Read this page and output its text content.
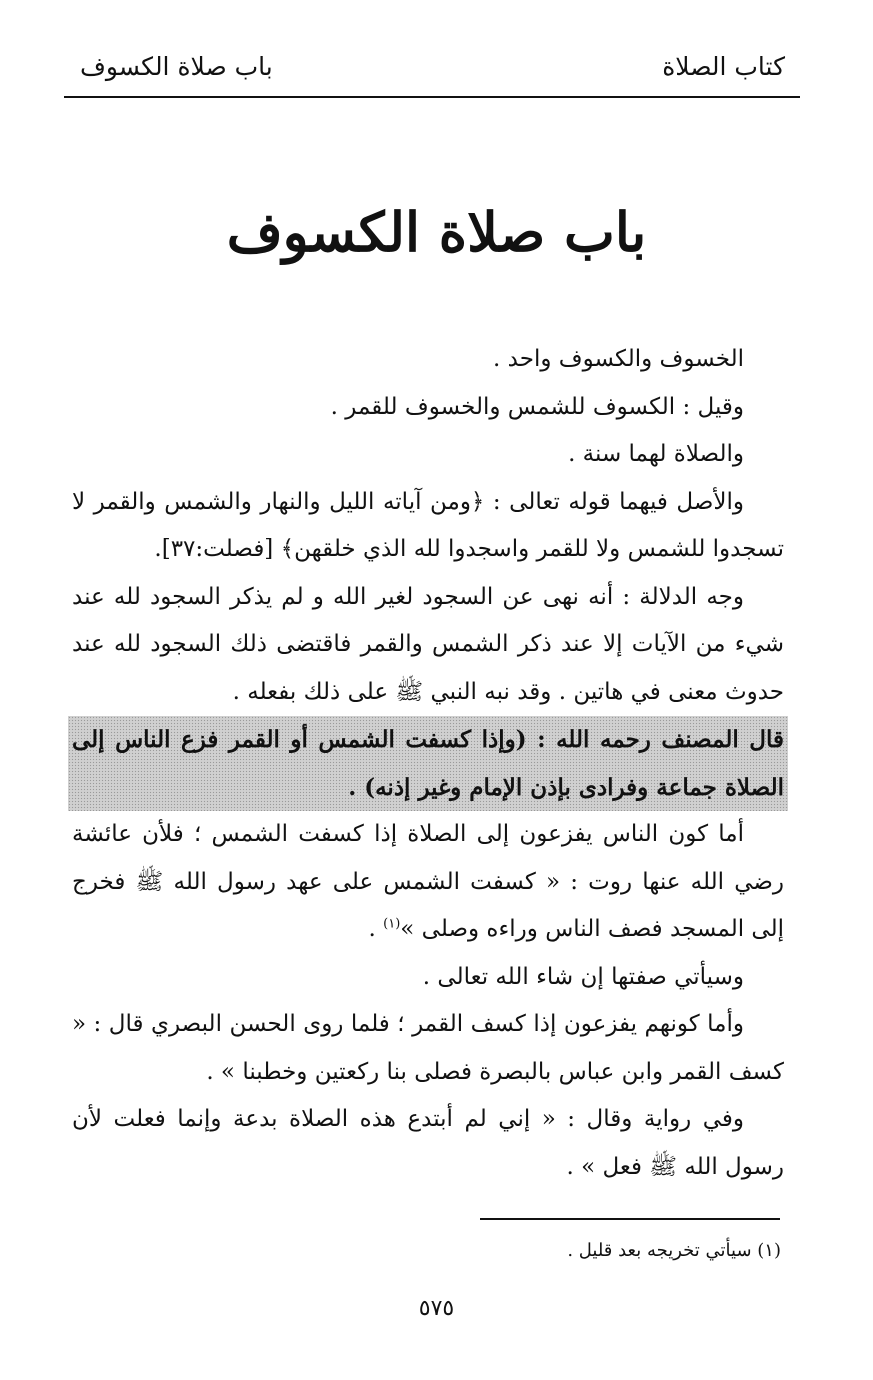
كتاب الصلاة
باب صلاة الكسوف
باب صلاة الكسوف

الخسوف والكسوف واحد .

وقيل : الكسوف للشمس والخسوف للقمر .

والصلاة لهما سنة .

والأصل فيهما قوله تعالى : ﴿ومن آياته الليل والنهار والشمس والقمر لا تسجدوا للشمس ولا للقمر واسجدوا لله الذي خلقهن﴾ [فصلت:٣٧].

وجه الدلالة : أنه نهى عن السجود لغير الله و لم يذكر السجود لله عند شيء من الآيات إلا عند ذكر الشمس والقمر فاقتضى ذلك السجود لله عند حدوث معنى في هاتين . وقد نبه النبي ﷺ على ذلك بفعله .

قال المصنف رحمه الله : (وإذا كسفت الشمس أو القمر فزع الناس إلى الصلاة جماعة وفرادى بإذن الإمام وغير إذنه) .

أما كون الناس يفزعون إلى الصلاة إذا كسفت الشمس ؛ فلأن عائشة رضي الله عنها روت : « كسفت الشمس على عهد رسول الله ﷺ فخرج إلى المسجد فصف الناس وراءه وصلى »$^{(١)}$ .

وسيأتي صفتها إن شاء الله تعالى .

وأما كونهم يفزعون إذا كسف القمر ؛ فلما روى الحسن البصري قال : « كسف القمر وابن عباس بالبصرة فصلى بنا ركعتين وخطبنا » .

وفي رواية وقال : « إني لم أبتدع هذه الصلاة بدعة وإنما فعلت لأن رسول الله ﷺ فعل » .

(١) سيأتي تخريجه بعد قليل .
٥٧٥
